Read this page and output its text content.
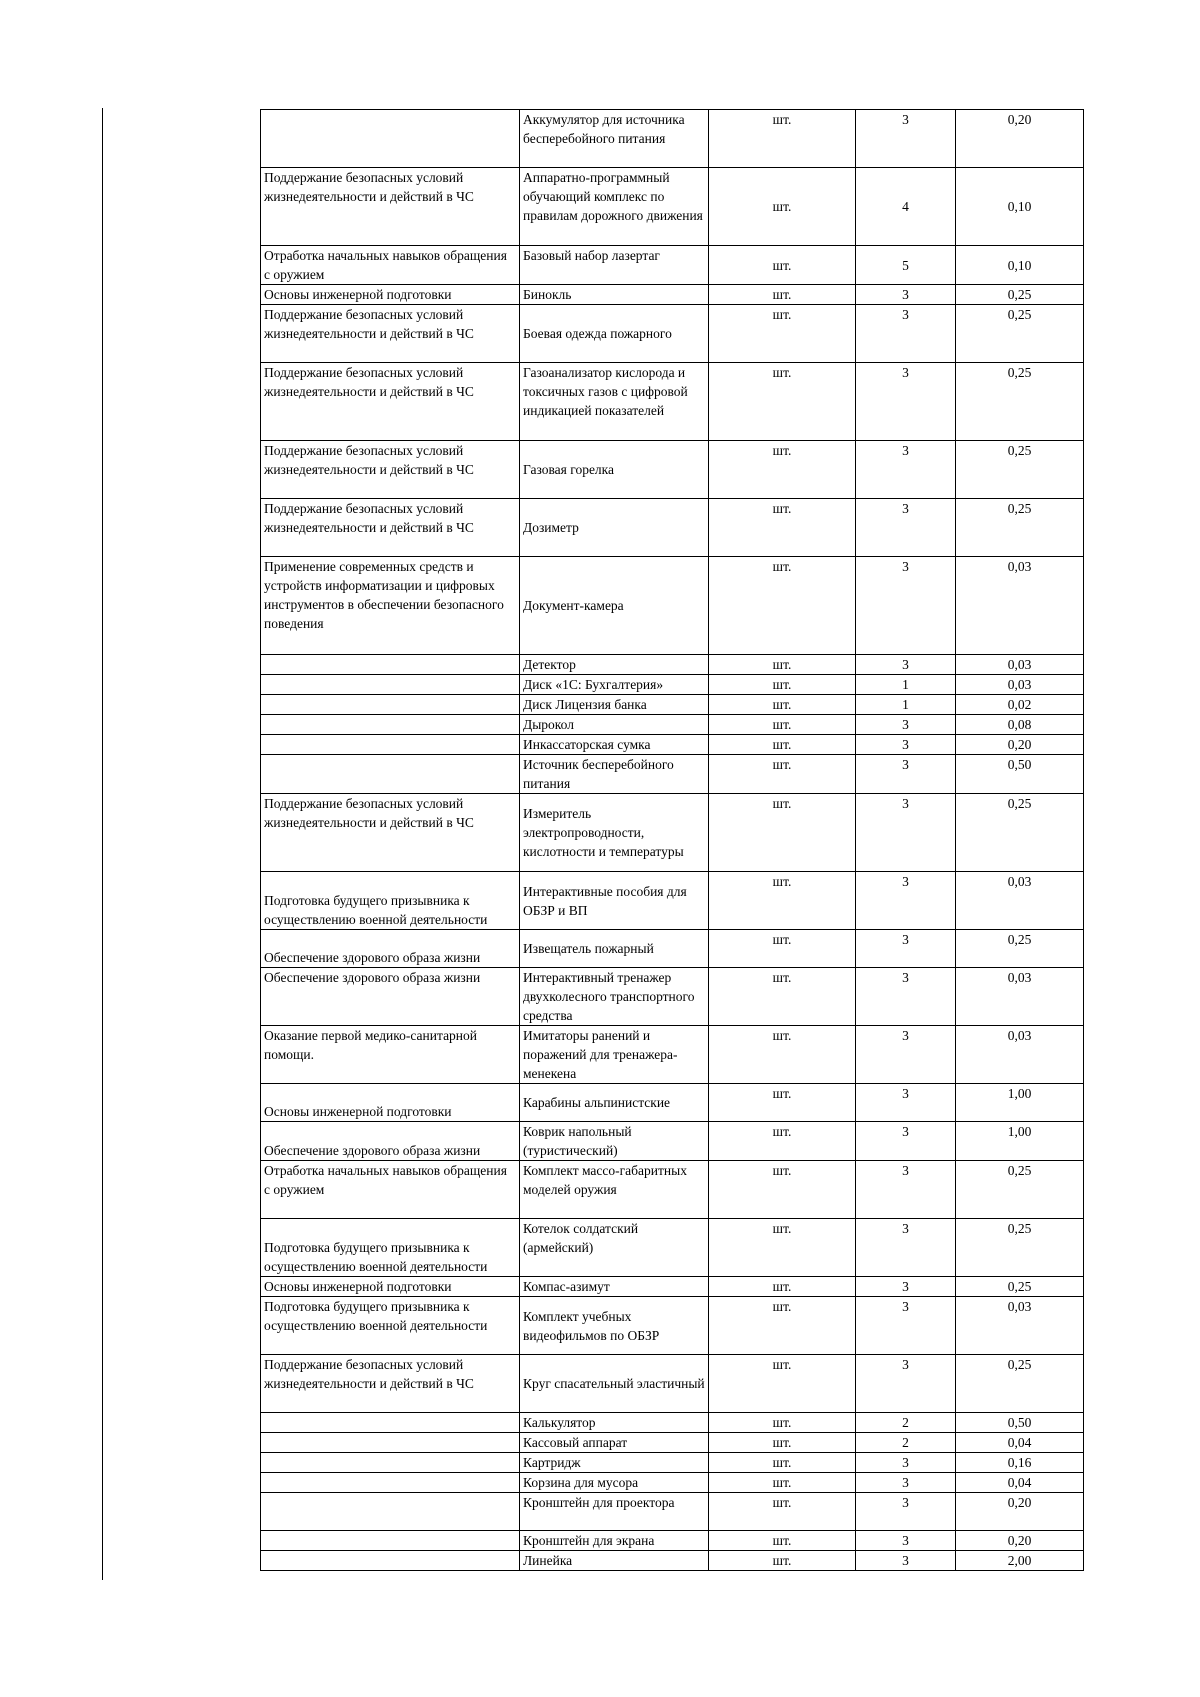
	Аккумулятор для источника бесперебойного питания	шт.	3	0,20
Поддержание безопасных условий жизнедеятельности и действий в ЧС	Аппаратно-программный обучающий комплекс по правилам дорожного движения	шт.	4	0,10
Отработка начальных навыков обращения с оружием	Базовый набор лазертаг	шт.	5	0,10
Основы инженерной подготовки	Бинокль	шт.	3	0,25
Поддержание безопасных условий жизнедеятельности и действий в ЧС	Боевая одежда пожарного	шт.	3	0,25
Поддержание безопасных условий жизнедеятельности и действий в ЧС	Газоанализатор кислорода и токсичных газов с цифровой индикацией показателей	шт.	3	0,25
Поддержание безопасных условий жизнедеятельности и действий в ЧС	Газовая горелка	шт.	3	0,25
Поддержание безопасных условий жизнедеятельности и действий в ЧС	Дозиметр	шт.	3	0,25
Применение современных средств и устройств информатизации и цифровых инструментов в обеспечении безопасного поведения	Документ-камера	шт.	3	0,03
	Детектор	шт.	3	0,03
	Диск «1С: Бухгалтерия»	шт.	1	0,03
	Диск Лицензия банка	шт.	1	0,02
	Дырокол	шт.	3	0,08
	Инкассаторская сумка	шт.	3	0,20
	Источник бесперебойного питания	шт.	3	0,50
Поддержание безопасных условий жизнедеятельности и действий в ЧС	Измеритель электропроводности, кислотности и температуры	шт.	3	0,25
Подготовка будущего призывника к осуществлению военной деятельности	Интерактивные пособия для ОБЗР и ВП	шт.	3	0,03
Обеспечение здорового образа жизни	Извещатель пожарный	шт.	3	0,25
Обеспечение здорового образа жизни	Интерактивный тренажер двухколесного транспортного средства	шт.	3	0,03
Оказание первой медико-санитарной помощи.	Имитаторы ранений и поражений для тренажера-менекена	шт.	3	0,03
Основы инженерной подготовки	Карабины альпинистские	шт.	3	1,00
Обеспечение здорового образа жизни	Коврик напольный (туристический)	шт.	3	1,00
Отработка начальных навыков обращения с оружием	Комплект массо-габаритных моделей оружия	шт.	3	0,25
Подготовка будущего призывника к осуществлению военной деятельности	Котелок солдатский (армейский)	шт.	3	0,25
Основы инженерной подготовки	Компас-азимут	шт.	3	0,25
Подготовка будущего призывника к осуществлению военной деятельности	Комплект учебных видеофильмов по ОБЗР	шт.	3	0,03
Поддержание безопасных условий жизнедеятельности и действий в ЧС	Круг спасательный эластичный	шт.	3	0,25
	Калькулятор	шт.	2	0,50
	Кассовый аппарат	шт.	2	0,04
	Картридж	шт.	3	0,16
	Корзина для мусора	шт.	3	0,04
	Кронштейн для проектора	шт.	3	0,20
	Кронштейн для экрана	шт.	3	0,20
	Линейка	шт.	3	2,00
